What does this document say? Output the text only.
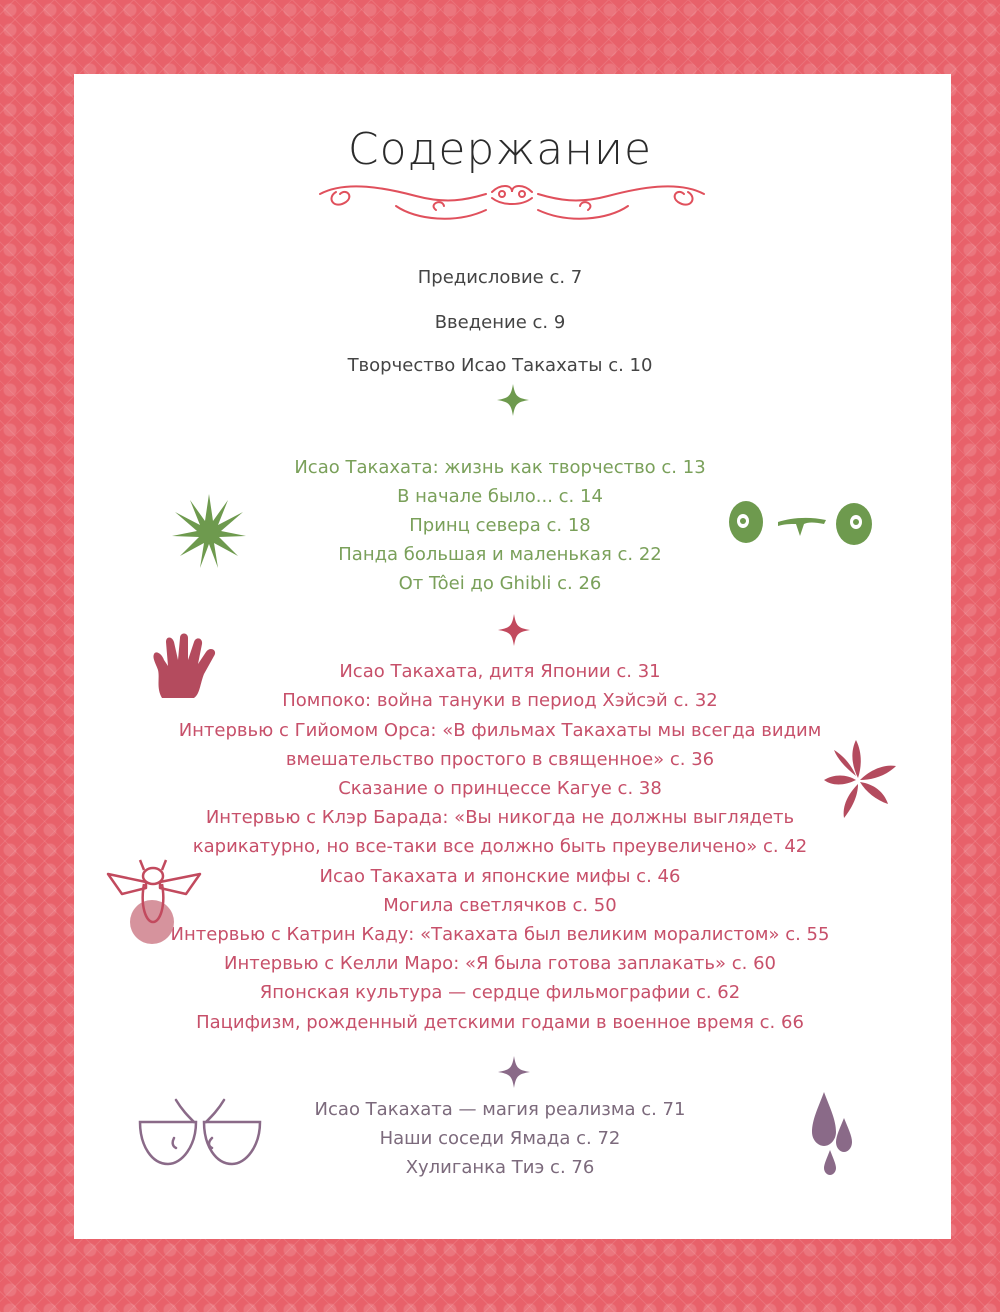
Содержание
Предисловие с. 7
Введение с. 9
Творчество Исао Такахаты с. 10
Исао Такахата: жизнь как творчество с. 13
В начале было... с. 14
Принц севера с. 18
Панда большая и маленькая с. 22
От Tôei до Ghibli с. 26
Исао Такахата, дитя Японии с. 31
Помпоко: война тануки в период Хэйсэй с. 32
Интервью с Гийомом Орса: «В фильмах Такахаты мы всегда видим
вмешательство простого в священное» с. 36
Сказание о принцессе Кагуе с. 38
Интервью с Клэр Барада: «Вы никогда не должны выглядеть
карикатурно, но все-таки все должно быть преувеличено» с. 42
Исао Такахата и японские мифы с. 46
Могила светлячков с. 50
Интервью с Катрин Каду: «Такахата был великим моралистом» с. 55
Интервью с Келли Маро: «Я была готова заплакать» с. 60
Японская культура — сердце фильмографии с. 62
Пацифизм, рожденный детскими годами в военное время с. 66
Исао Такахата — магия реализма с. 71
Наши соседи Ямада с. 72
Хулиганка Тиэ с. 76
